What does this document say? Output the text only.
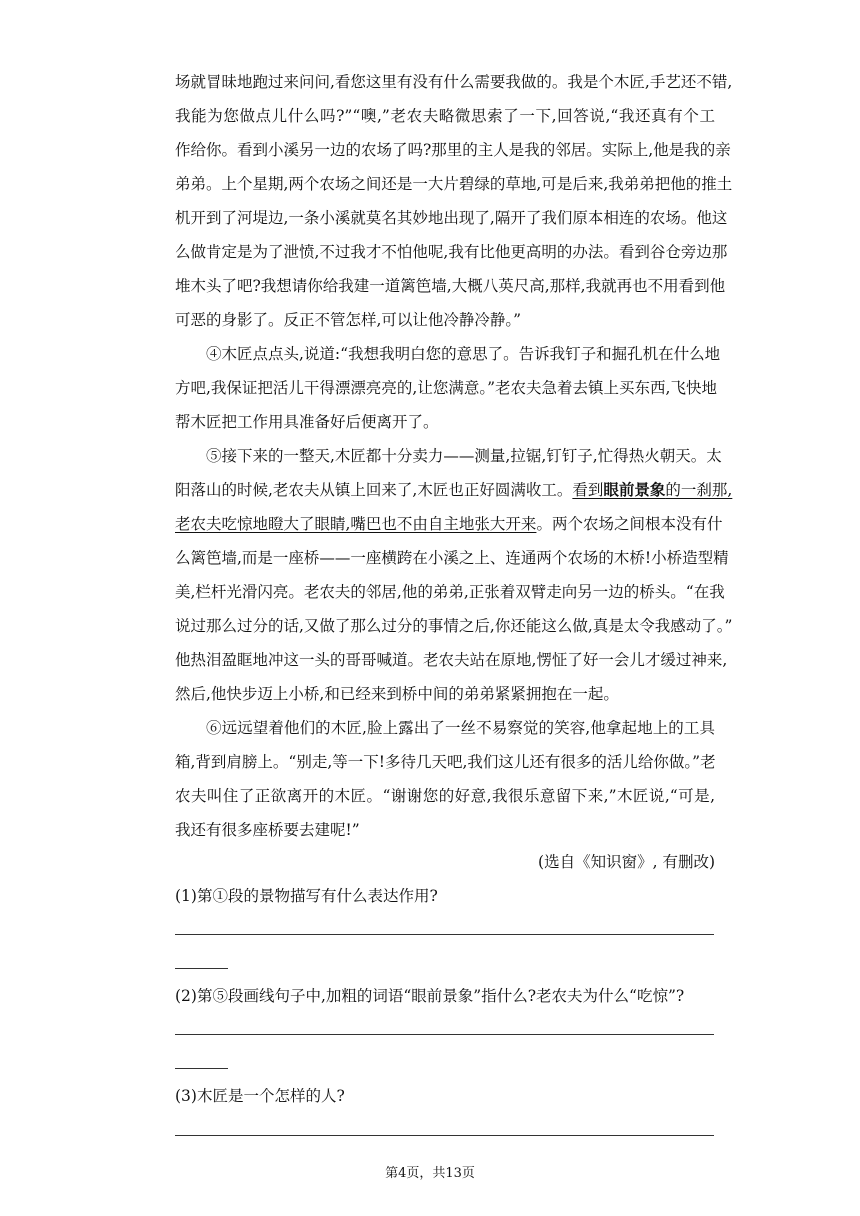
场就冒昧地跑过来问问,看您这里有没有什么需要我做的。我是个木匠,手艺还不错,
我能为您做点儿什么吗?”“噢,”老农夫略微思索了一下,回答说,“我还真有个工
作给你。看到小溪另一边的农场了吗?那里的主人是我的邻居。实际上,他是我的亲
弟弟。上个星期,两个农场之间还是一大片碧绿的草地,可是后来,我弟弟把他的推土
机开到了河堤边,一条小溪就莫名其妙地出现了,隔开了我们原本相连的农场。他这
么做肯定是为了泄愤,不过我才不怕他呢,我有比他更高明的办法。看到谷仓旁边那
堆木头了吧?我想请你给我建一道篱笆墙,大概八英尺高,那样,我就再也不用看到他
可恶的身影了。反正不管怎样,可以让他冷静冷静。”
④木匠点点头,说道:“我想我明白您的意思了。告诉我钉子和掘孔机在什么地
方吧,我保证把活儿干得漂漂亮亮的,让您满意。”老农夫急着去镇上买东西,飞快地
帮木匠把工作用具准备好后便离开了。
⑤接下来的一整天,木匠都十分卖力——测量,拉锯,钉钉子,忙得热火朝天。太
阳落山的时候,老农夫从镇上回来了,木匠也正好圆满收工。看到眼前景象的一刹那,
老农夫吃惊地瞪大了眼睛,嘴巴也不由自主地张大开来。两个农场之间根本没有什
么篱笆墙,而是一座桥——一座横跨在小溪之上、连通两个农场的木桥!小桥造型精
美,栏杆光滑闪亮。老农夫的邻居,他的弟弟,正张着双臂走向另一边的桥头。“在我
说过那么过分的话,又做了那么过分的事情之后,你还能这么做,真是太令我感动了。”
他热泪盈眶地冲这一头的哥哥喊道。老农夫站在原地,愣怔了好一会儿才缓过神来,
然后,他快步迈上小桥,和已经来到桥中间的弟弟紧紧拥抱在一起。
⑥远远望着他们的木匠,脸上露出了一丝不易察觉的笑容,他拿起地上的工具
箱,背到肩膀上。“别走,等一下!多待几天吧,我们这儿还有很多的活儿给你做。”老
农夫叫住了正欲离开的木匠。“谢谢您的好意,我很乐意留下来,”木匠说,“可是,
我还有很多座桥要去建呢!”
(选自《知识窗》, 有删改)
(1)第①段的景物描写有什么表达作用?
(2)第⑤段画线句子中,加粗的词语“眼前景象”指什么?老农夫为什么“吃惊”?
(3)木匠是一个怎样的人?
第4页，共13页
